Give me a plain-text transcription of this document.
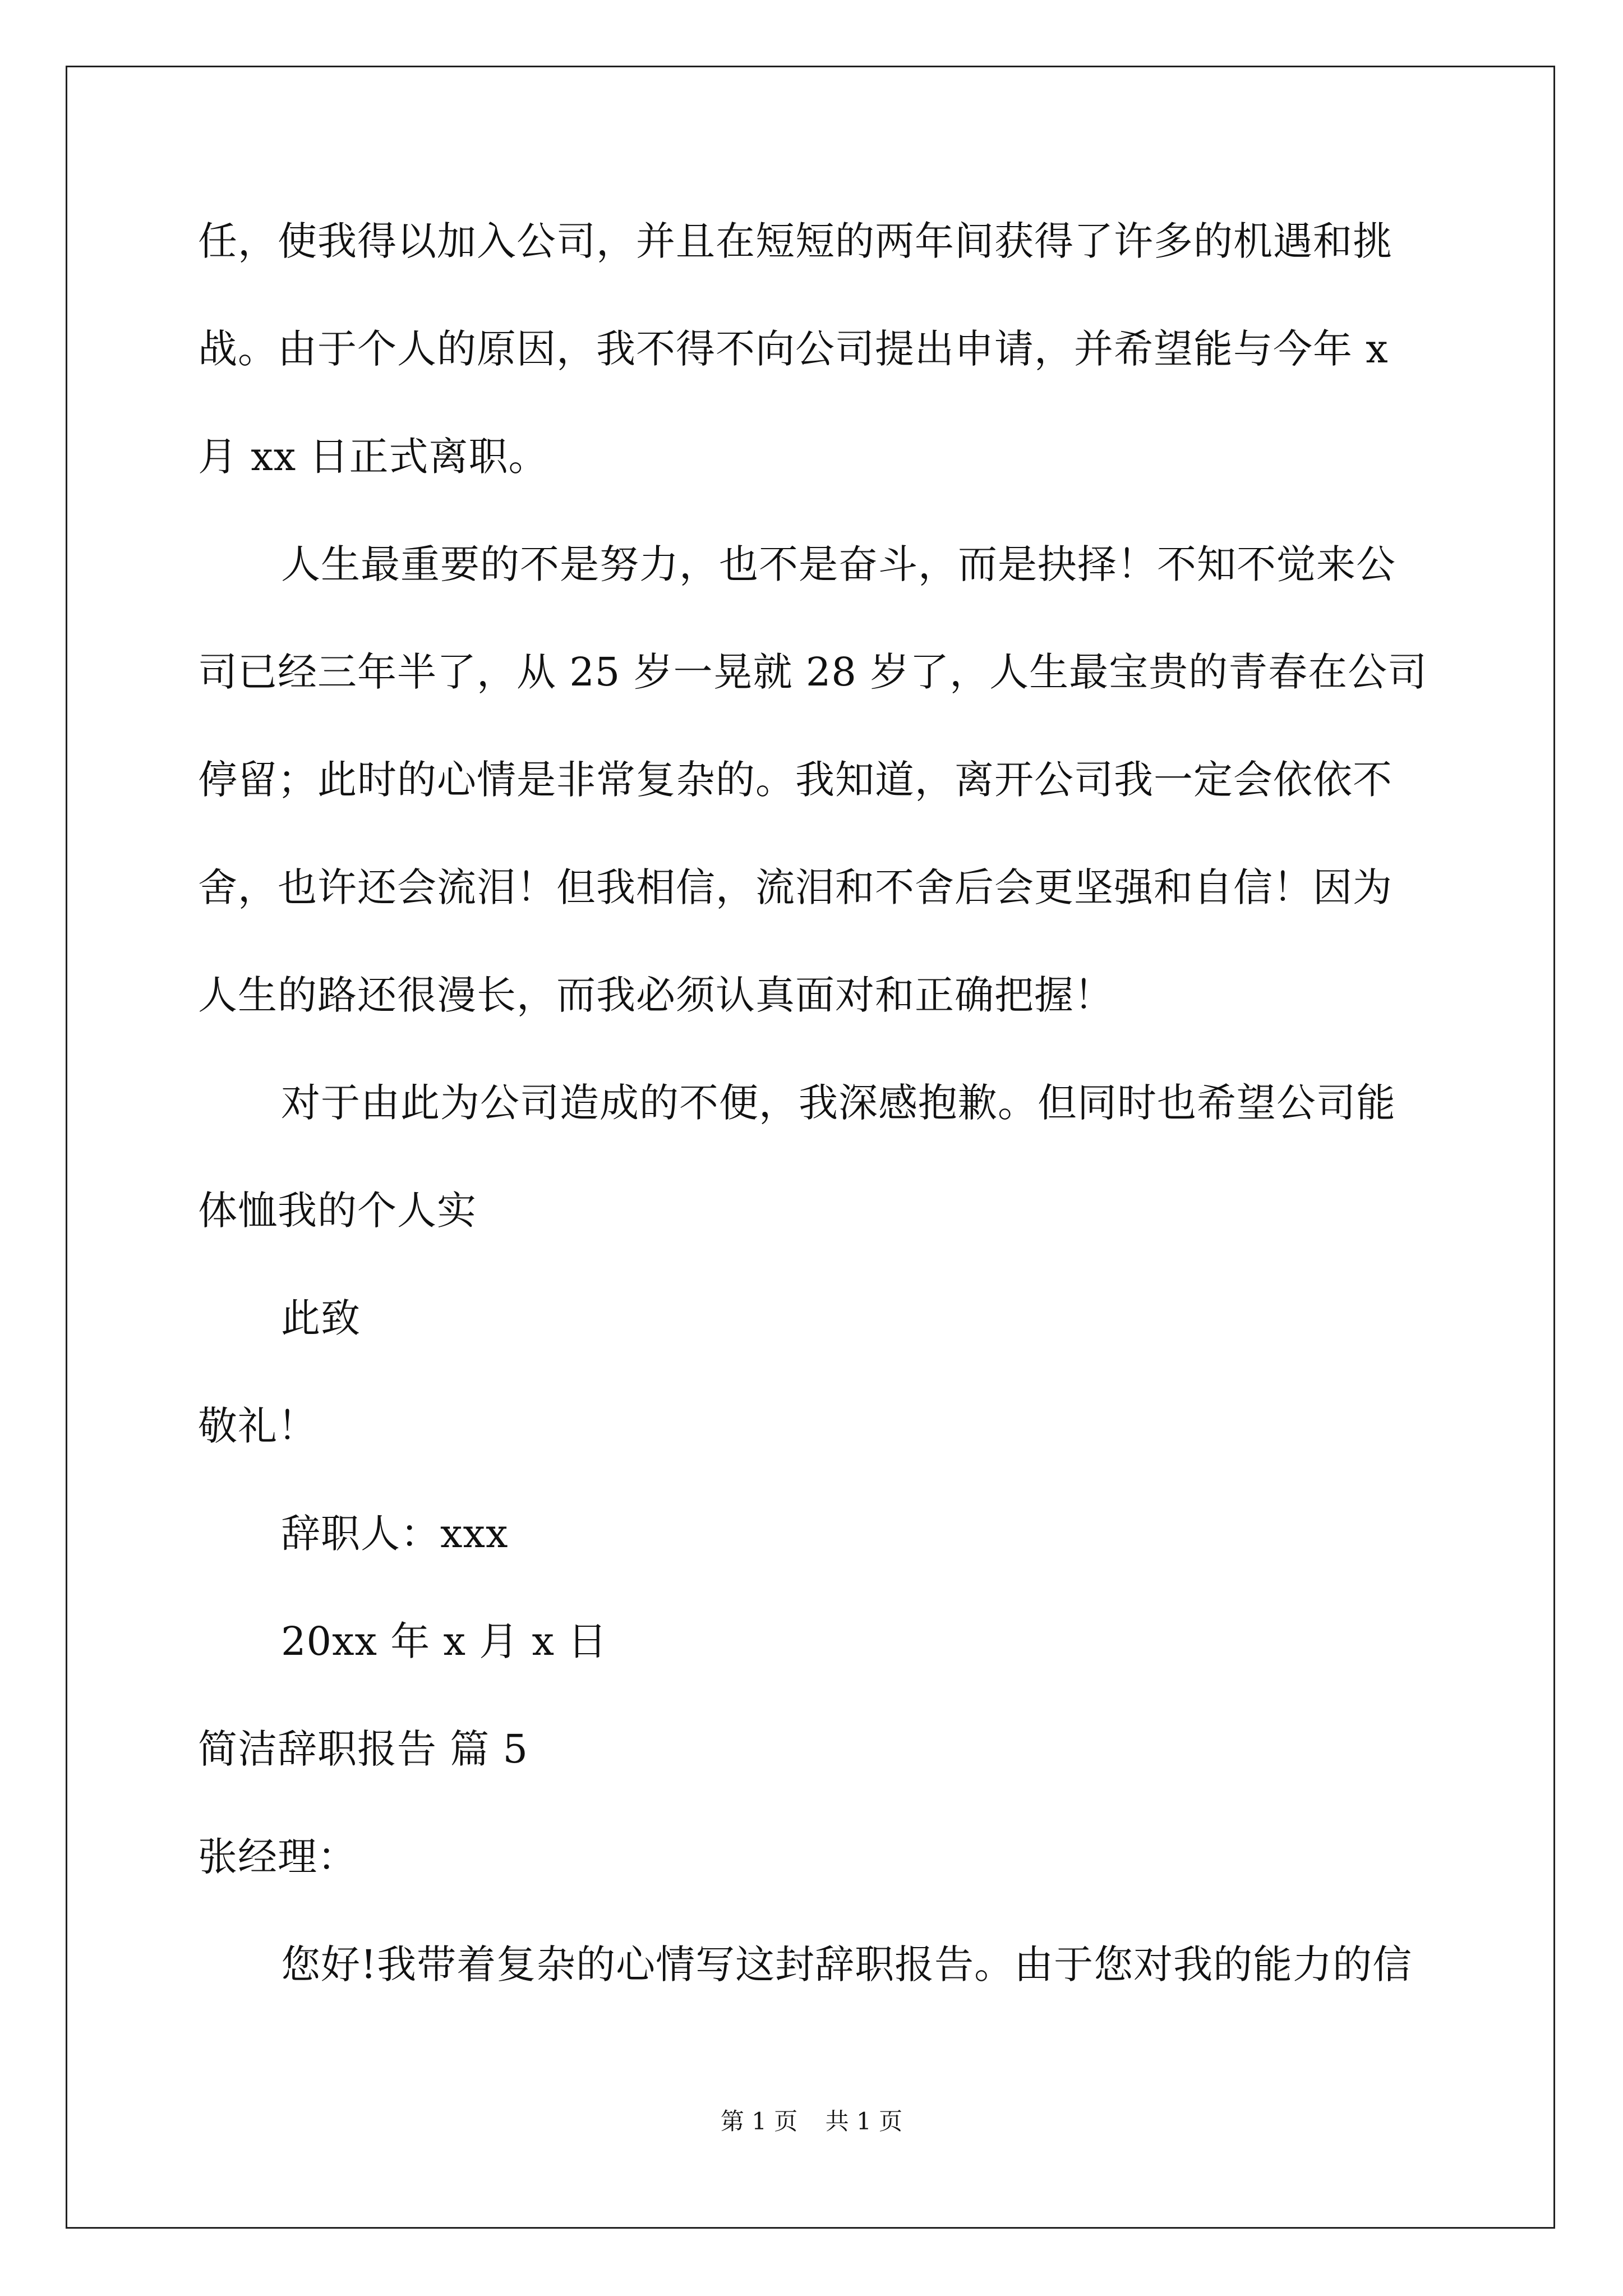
任，使我得以加入公司，并且在短短的两年间获得了许多的机遇和挑
战。由于个人的原因，我不得不向公司提出申请，并希望能与今年 x
月 xx 日正式离职。
人生最重要的不是努力，也不是奋斗，而是抉择！不知不觉来公
司已经三年半了，从 25 岁一晃就 28 岁了，人生最宝贵的青春在公司
停留；此时的心情是非常复杂的。我知道，离开公司我一定会依依不
舍，也许还会流泪！但我相信，流泪和不舍后会更坚强和自信！因为
人生的路还很漫长，而我必须认真面对和正确把握！
对于由此为公司造成的不便，我深感抱歉。但同时也希望公司能
体恤我的个人实
此致
敬礼！
辞职人：xxx
20xx 年 x 月 x 日
简洁辞职报告 篇 5
张经理：
您好!我带着复杂的心情写这封辞职报告。由于您对我的能力的信
第 1 页 共 1 页
